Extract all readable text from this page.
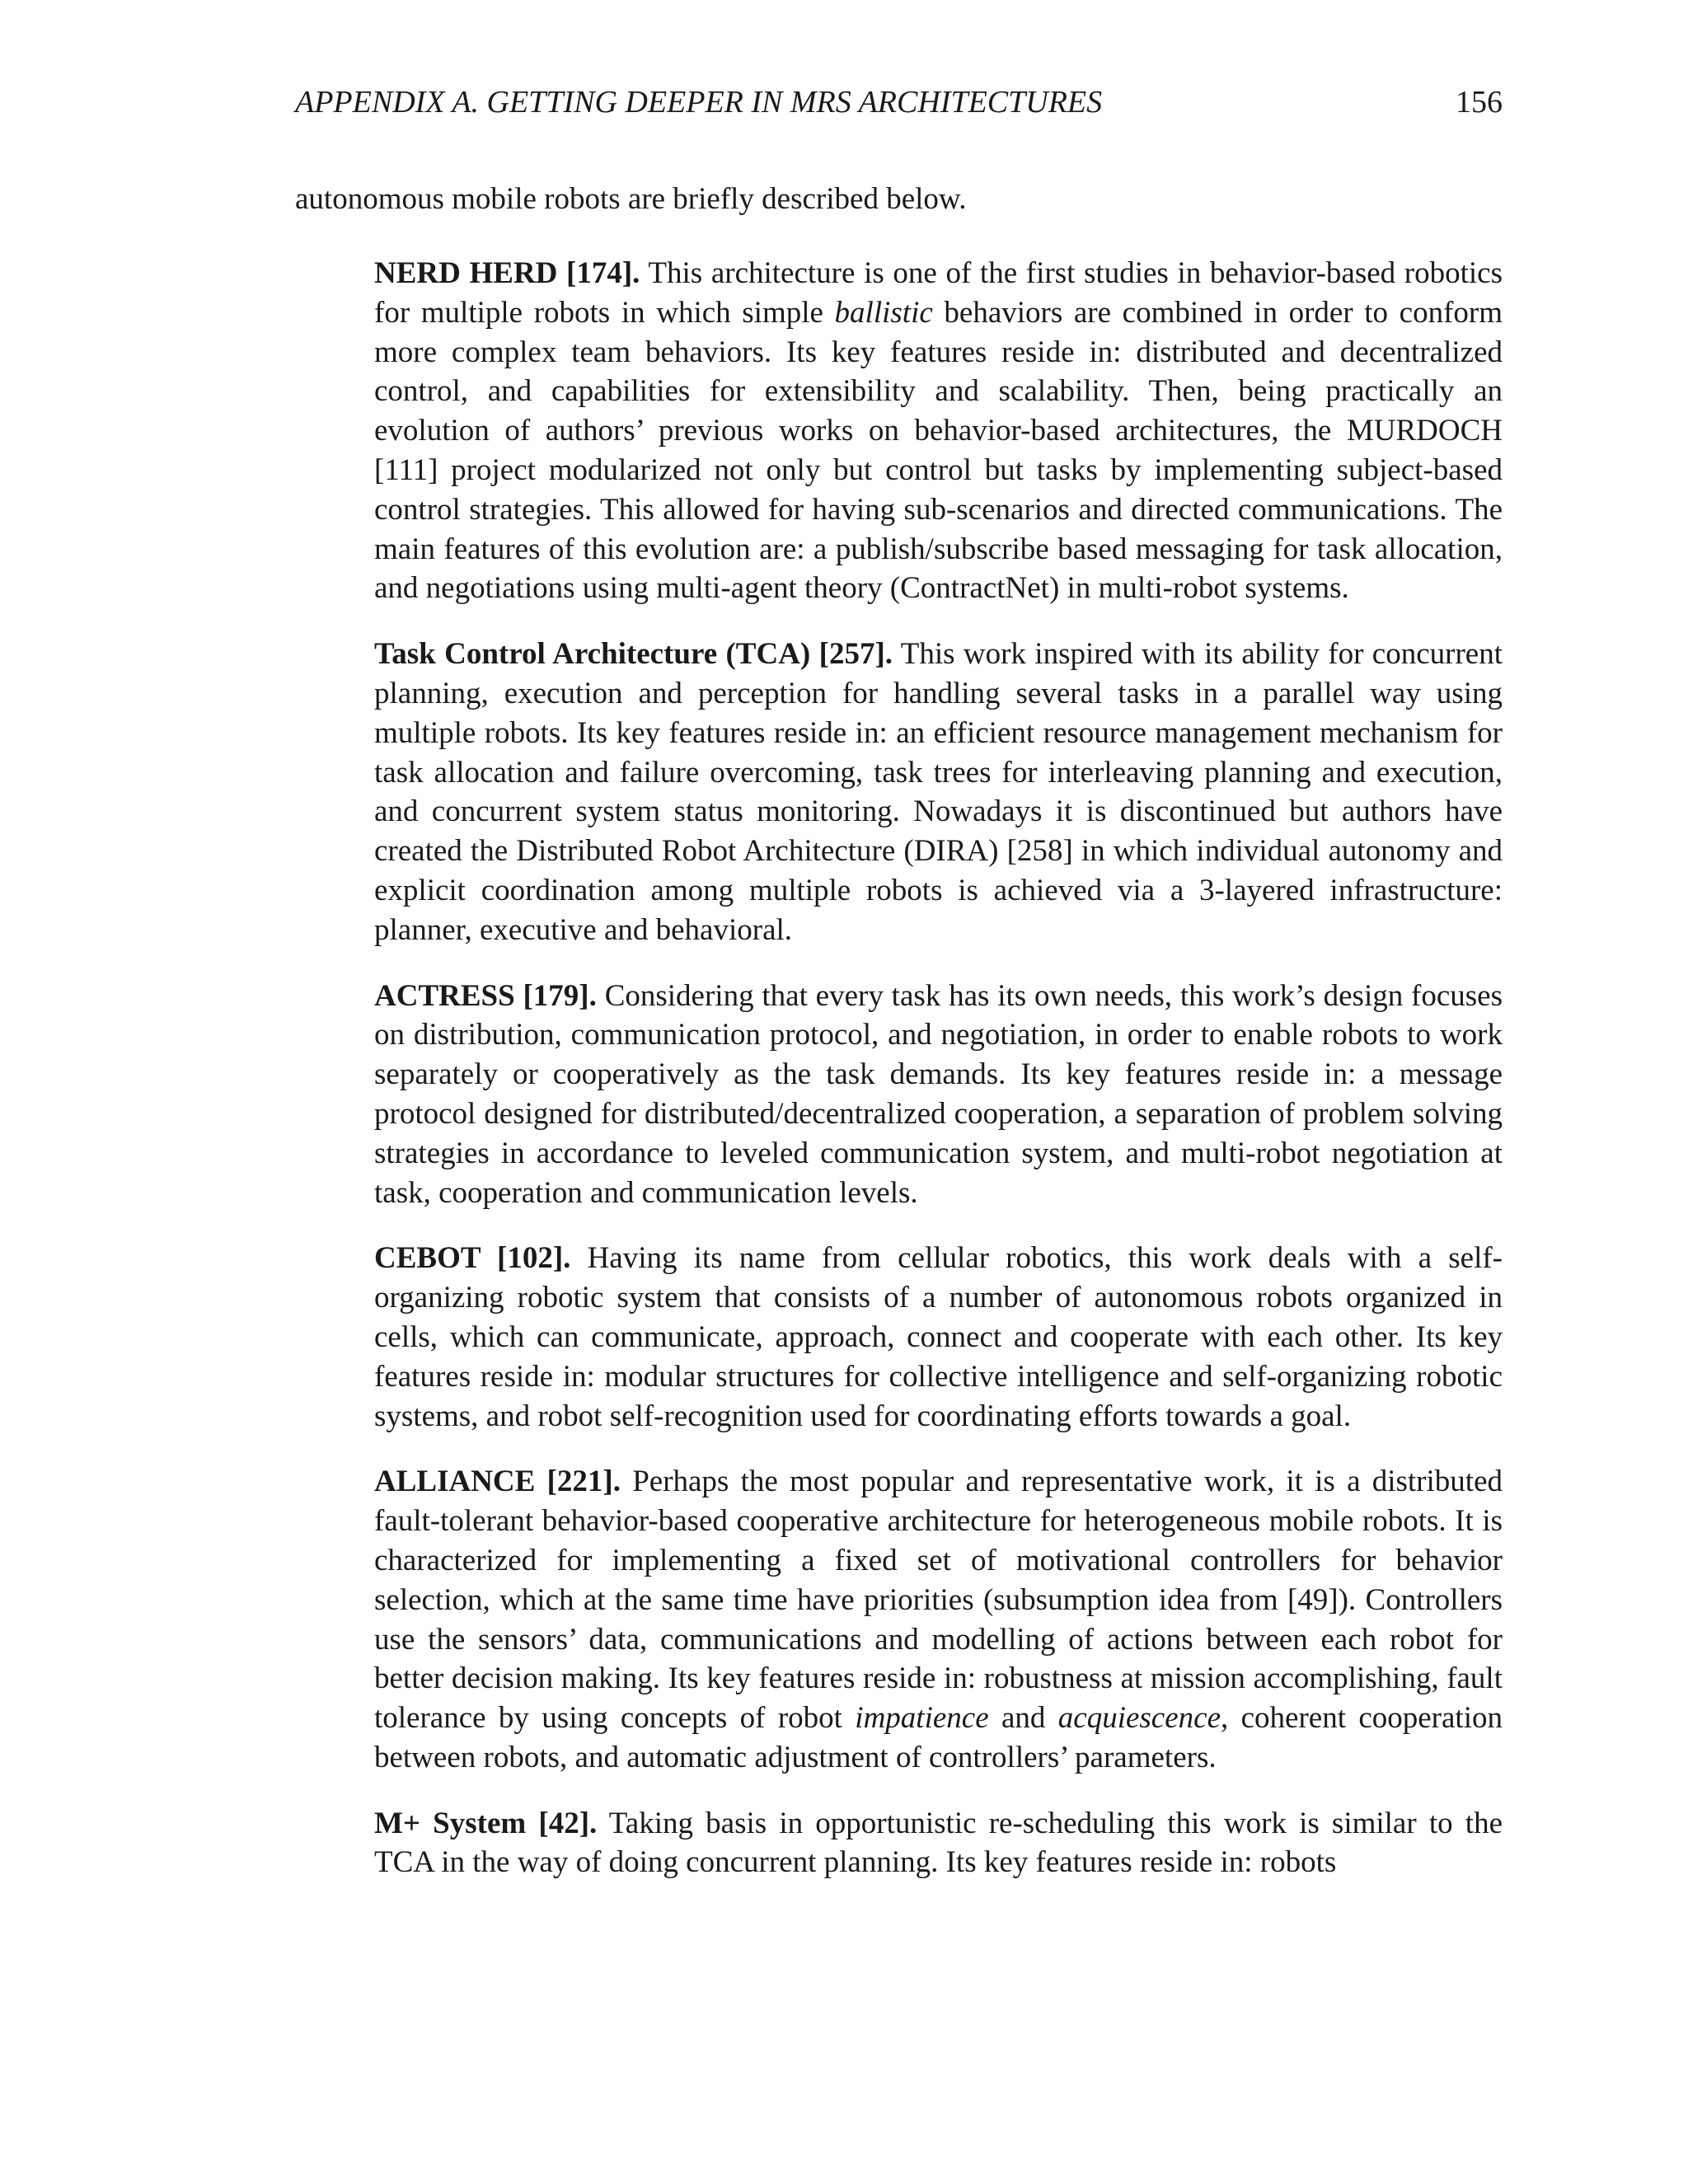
APPENDIX A. GETTING DEEPER IN MRS ARCHITECTURES	156

autonomous mobile robots are briefly described below.

NERD HERD [174]. This architecture is one of the first studies in behavior-based robotics for multiple robots in which simple ballistic behaviors are combined in order to conform more complex team behaviors. Its key features reside in: distributed and decentralized control, and capabilities for extensibility and scalability. Then, being practically an evolution of authors’ previous works on behavior-based architectures, the MURDOCH [111] project modularized not only but control but tasks by implementing subject-based control strategies. This allowed for having sub-scenarios and directed communications. The main features of this evolution are: a publish/subscribe based messaging for task allocation, and negotiations using multi-agent theory (ContractNet) in multi-robot systems.

Task Control Architecture (TCA) [257]. This work inspired with its ability for concurrent planning, execution and perception for handling several tasks in a parallel way using multiple robots. Its key features reside in: an efficient resource management mechanism for task allocation and failure overcoming, task trees for interleaving planning and execution, and concurrent system status monitoring. Nowadays it is discontinued but authors have created the Distributed Robot Architecture (DIRA) [258] in which individual autonomy and explicit coordination among multiple robots is achieved via a 3-layered infrastructure: planner, executive and behavioral.

ACTRESS [179]. Considering that every task has its own needs, this work’s design focuses on distribution, communication protocol, and negotiation, in order to enable robots to work separately or cooperatively as the task demands. Its key features reside in: a message protocol designed for distributed/decentralized cooperation, a separation of problem solving strategies in accordance to leveled communication system, and multi-robot negotiation at task, cooperation and communication levels.

CEBOT [102]. Having its name from cellular robotics, this work deals with a self-organizing robotic system that consists of a number of autonomous robots organized in cells, which can communicate, approach, connect and cooperate with each other. Its key features reside in: modular structures for collective intelligence and self-organizing robotic systems, and robot self-recognition used for coordinating efforts towards a goal.

ALLIANCE [221]. Perhaps the most popular and representative work, it is a distributed fault-tolerant behavior-based cooperative architecture for heterogeneous mobile robots. It is characterized for implementing a fixed set of motivational controllers for behavior selection, which at the same time have priorities (subsumption idea from [49]). Controllers use the sensors’ data, communications and modelling of actions between each robot for better decision making. Its key features reside in: robustness at mission accomplishing, fault tolerance by using concepts of robot impatience and acquiescence, coherent cooperation between robots, and automatic adjustment of controllers’ parameters.

M+ System [42]. Taking basis in opportunistic re-scheduling this work is similar to the TCA in the way of doing concurrent planning. Its key features reside in: robots
